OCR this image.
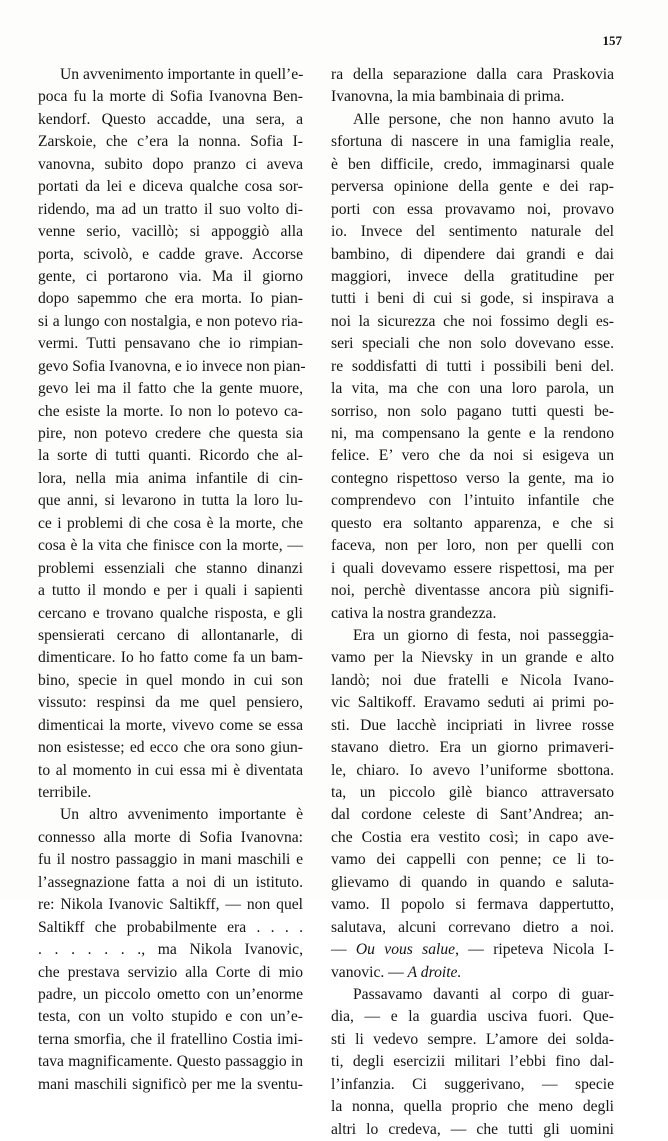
157
Un avvenimento importante in quell’e-
poca fu la morte di Sofia Ivanovna Ben-
kendorf. Questo accadde, una sera, a
Zarskoie, che c’era la nonna. Sofia I-
vanovna, subito dopo pranzo ci aveva
portati da lei e diceva qualche cosa sor-
ridendo, ma ad un tratto il suo volto di-
venne serio, vacillò; si appoggiò alla
porta, scivolò, e cadde grave. Accorse
gente, ci portarono via. Ma il giorno
dopo sapemmo che era morta. Io pian-
si a lungo con nostalgia, e non potevo ria-
vermi. Tutti pensavano che io rimpian-
gevo Sofia Ivanovna, e io invece non pian-
gevo lei ma il fatto che la gente muore,
che esiste la morte. Io non lo potevo ca-
pire, non potevo credere che questa sia
la sorte di tutti quanti. Ricordo che al-
lora, nella mia anima infantile di cin-
que anni, si levarono in tutta la loro lu-
ce i problemi di che cosa è la morte, che
cosa è la vita che finisce con la morte, —
problemi essenziali che stanno dinanzi
a tutto il mondo e per i quali i sapienti
cercano e trovano qualche risposta, e gli
spensierati cercano di allontanarle, di
dimenticare. Io ho fatto come fa un bam-
bino, specie in quel mondo in cui son
vissuto: respinsi da me quel pensiero,
dimenticai la morte, vivevo come se essa
non esistesse; ed ecco che ora sono giun-
to al momento in cui essa mi è diventata
terribile.
Un altro avvenimento importante è
connesso alla morte di Sofia Ivanovna:
fu il nostro passaggio in mani maschili e
l’assegnazione fatta a noi di un istituto.
re: Nikola Ivanovic Saltikff, — non quel
Saltikff che probabilmente era . . . .
. . . . . . ., ma Nikola Ivanovic,
che prestava servizio alla Corte di mio
padre, un piccolo ometto con un’enorme
testa, con un volto stupido e con un’e-
terna smorfia, che il fratellino Costia imi-
tava magnificamente. Questo passaggio in
mani maschili significò per me la sventu-
ra della separazione dalla cara Praskovia
Ivanovna, la mia bambinaia di prima.
Alle persone, che non hanno avuto la
sfortuna di nascere in una famiglia reale,
è ben difficile, credo, immaginarsi quale
perversa opinione della gente e dei rap-
porti con essa provavamo noi, provavo
io. Invece del sentimento naturale del
bambino, di dipendere dai grandi e dai
maggiori, invece della gratitudine per
tutti i beni di cui si gode, si inspirava a
noi la sicurezza che noi fossimo degli es-
seri speciali che non solo dovevano esse.
re soddisfatti di tutti i possibili beni del.
la vita, ma che con una loro parola, un
sorriso, non solo pagano tutti questi be-
ni, ma compensano la gente e la rendono
felice. E’ vero che da noi si esigeva un
contegno rispettoso verso la gente, ma io
comprendevo con l’intuito infantile che
questo era soltanto apparenza, e che si
faceva, non per loro, non per quelli con
i quali dovevamo essere rispettosi, ma per
noi, perchè diventasse ancora più signifi-
cativa la nostra grandezza.
Era un giorno di festa, noi passeggia-
vamo per la Nievsky in un grande e alto
landò; noi due fratelli e Nicola Ivano-
vic Saltikoff. Eravamo seduti ai primi po-
sti. Due lacchè incipriati in livree rosse
stavano dietro. Era un giorno primaveri-
le, chiaro. Io avevo l’uniforme sbottona.
ta, un piccolo gilè bianco attraversato
dal cordone celeste di Sant’Andrea; an-
che Costia era vestito così; in capo ave-
vamo dei cappelli con penne; ce li to-
glievamo di quando in quando e saluta-
vamo. Il popolo si fermava dappertutto,
salutava, alcuni correvano dietro a noi.
— Ou vous salue, — ripeteva Nicola I-
vanovic. — A droite.
Passavamo davanti al corpo di guar-
dia, — e la guardia usciva fuori. Que-
sti li vedevo sempre. L’amore dei solda-
ti, degli esercizii militari l’ebbi fino dal-
l’infanzia. Ci suggerivano, — specie
la nonna, quella proprio che meno degli
altri lo credeva, — che tutti gli uomini
